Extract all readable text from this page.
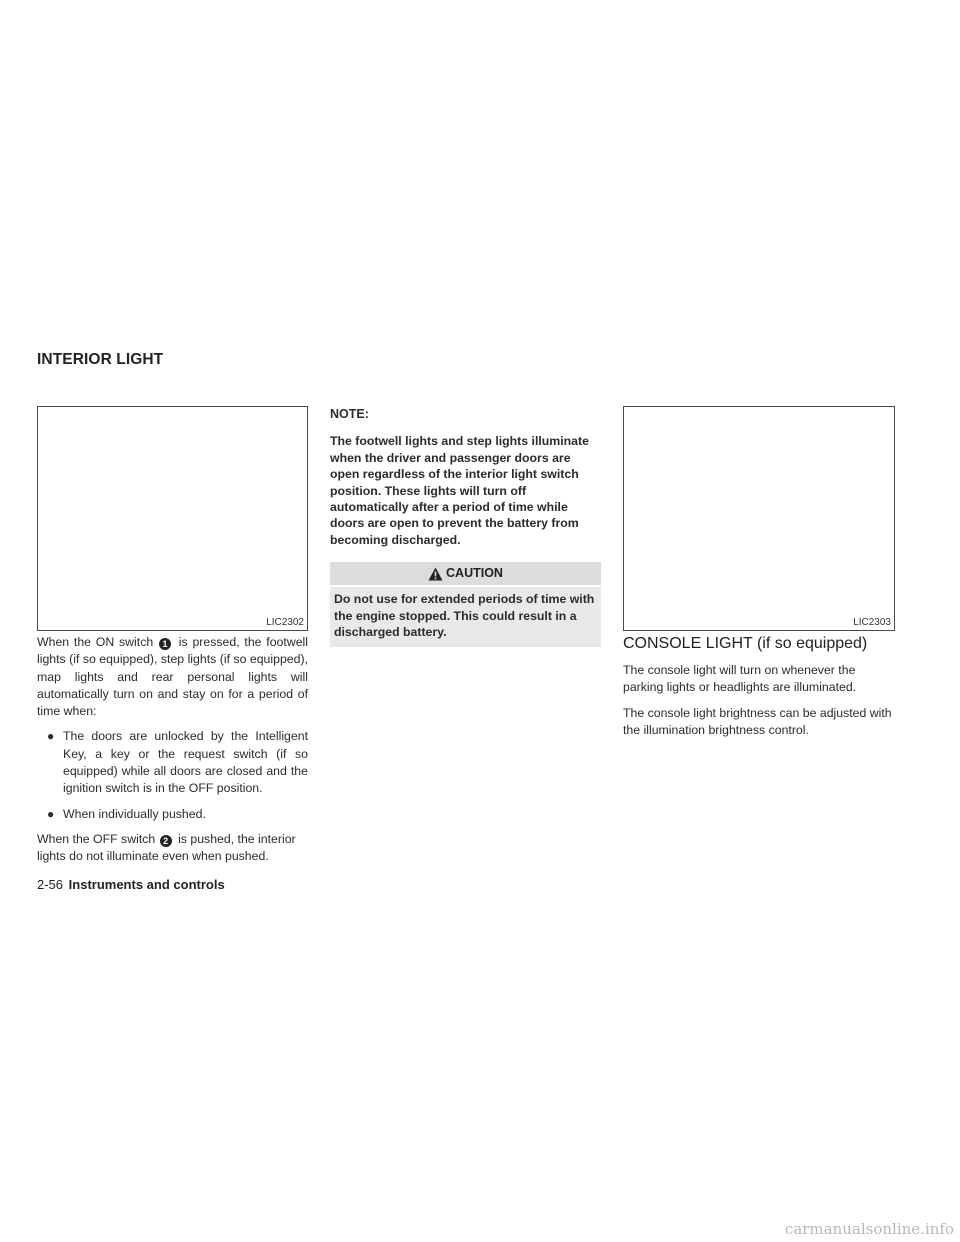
INTERIOR LIGHT
LIC2302	LIC2303

When the ON switch 1 is pressed, the footwell lights (if so equipped), step lights (if so equipped), map lights and rear personal lights will automatically turn on and stay on for a period of time when:

● The doors are unlocked by the Intelligent Key, a key or the request switch (if so equipped) while all doors are closed and the ignition switch is in the OFF position.
● When individually pushed.

When the OFF switch 2 is pushed, the interior lights do not illuminate even when pushed.

NOTE:
The footwell lights and step lights illuminate when the driver and passenger doors are open regardless of the interior light switch position. These lights will turn off automatically after a period of time while doors are open to prevent the battery from becoming discharged.
CAUTION
Do not use for extended periods of time with the engine stopped. This could result in a discharged battery.
CONSOLE LIGHT (if so equipped)

The console light will turn on whenever the parking lights or headlights are illuminated.

The console light brightness can be adjusted with the illumination brightness control.

2-56 Instruments and controls
carmanualsonline.info
